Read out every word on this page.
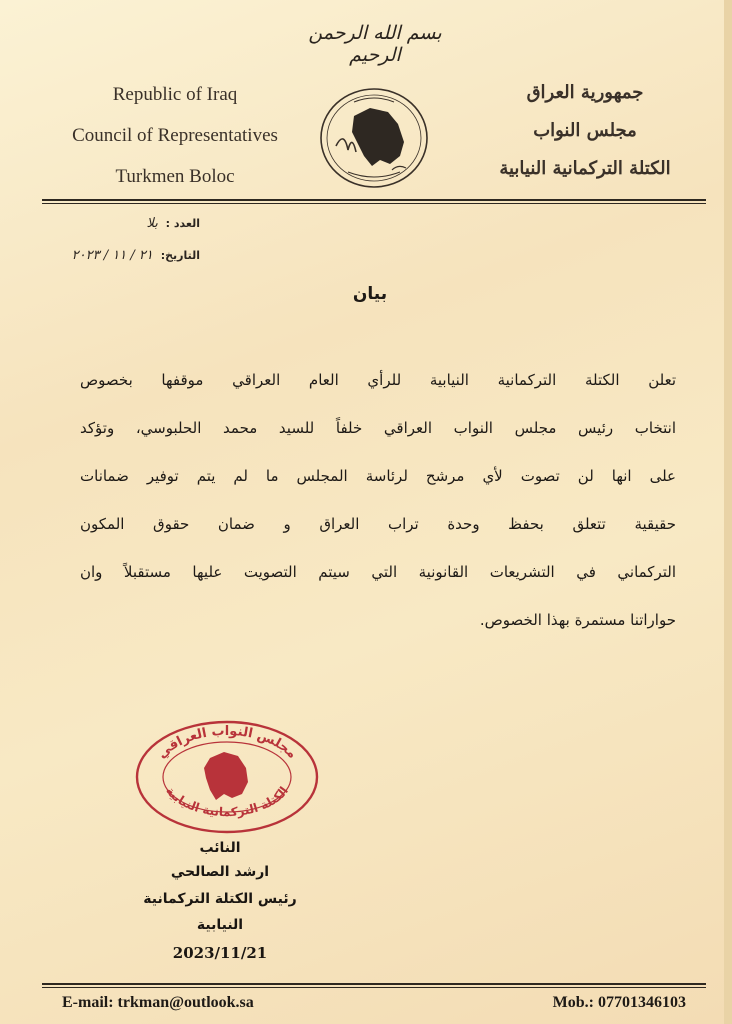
بسم الله الرحمن الرحيم
Republic of Iraq
Council of Representatives
Turkmen Boloc
جمهورية العراق
مجلس النواب
الكتلة التركمانية النيابية
العدد : بلا
التاريخ: ٢١ / ١١ / ٢٠٢٣
بيان
تعلن الكتلة التركمانية النيابية للرأي العام العراقي موقفها بخصوص
انتخاب رئيس مجلس النواب العراقي خلفاً للسيد محمد الحلبوسي، وتؤكد
على انها لن تصوت لأي مرشح لرئاسة المجلس ما لم يتم توفير ضمانات
حقيقية تتعلق بحفظ وحدة تراب العراق و ضمان حقوق المكون
التركماني في التشريعات القانونية التي سيتم التصويت عليها مستقبلاً وان
حواراتنا مستمرة بهذا الخصوص.
مجلس النواب العراقي
الكتلة التركمانية النيابية
النائب
ارشد الصالحي
رئيس الكتلة التركمانية النيابية
2023/11/21
E-mail: trkman@outlook.sa	Mob.: 07701346103
